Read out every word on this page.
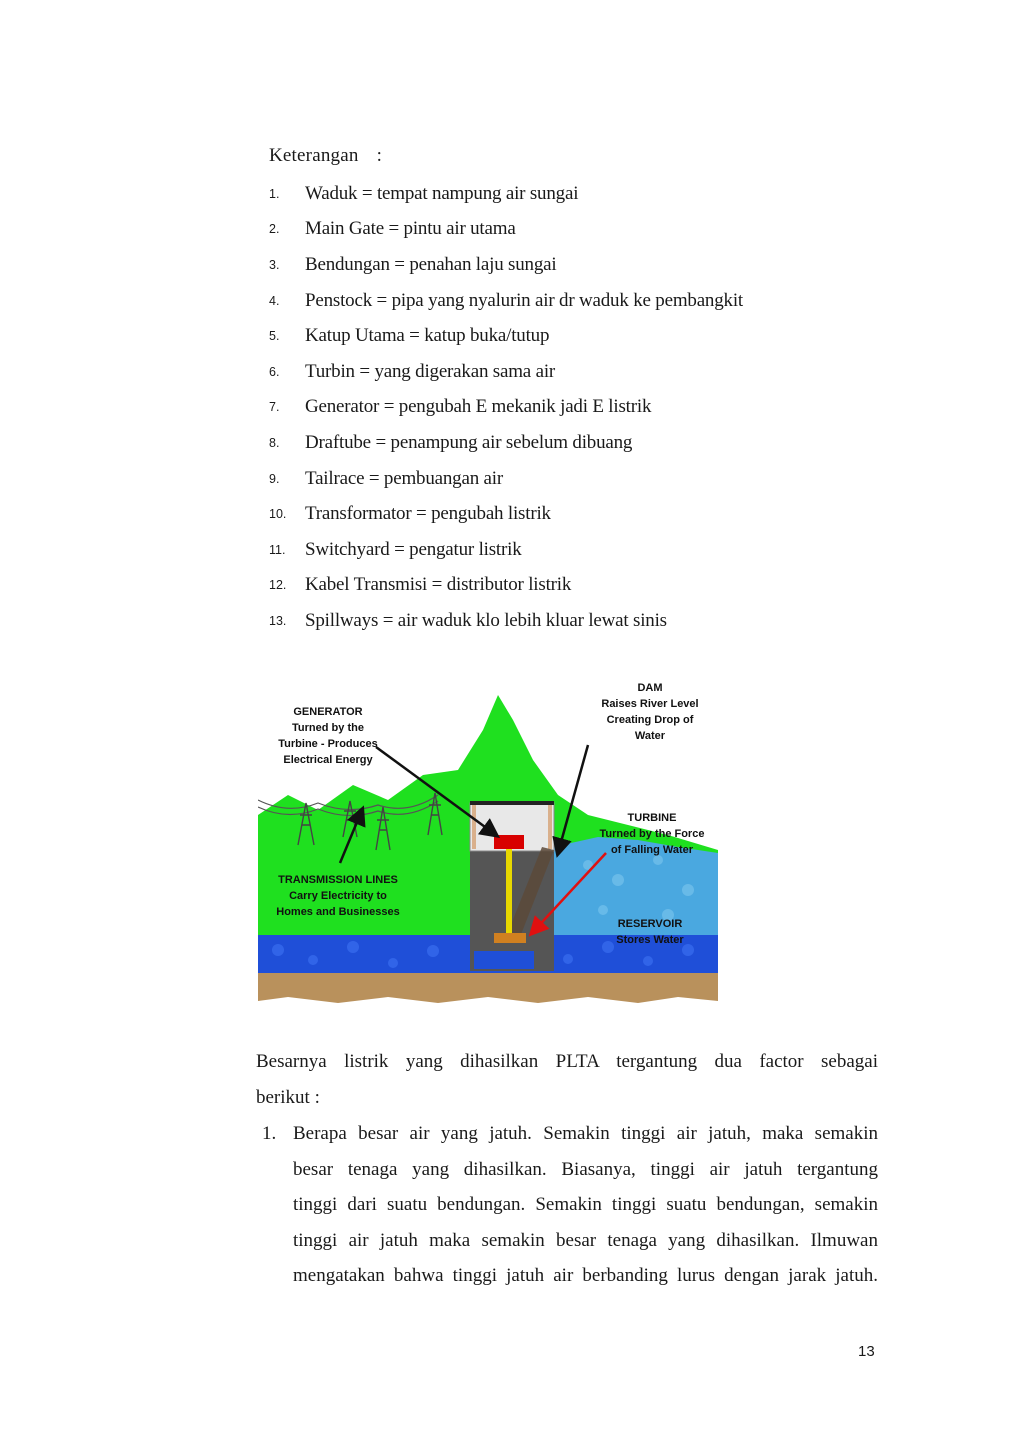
Keterangan :
1.	Waduk = tempat nampung air sungai
2.	Main Gate = pintu air utama
3.	Bendungan = penahan laju sungai
4.	Penstock = pipa yang nyalurin air dr waduk ke pembangkit
5.	Katup Utama = katup buka/tutup
6.	Turbin = yang digerakan sama air
7.	Generator = pengubah E mekanik jadi E listrik
8.	Draftube = penampung air sebelum dibuang
9.	Tailrace = pembuangan air
10. Transformator = pengubah listrik
11.	Switchyard = pengatur listrik
12. Kabel Transmisi = distributor listrik
13. Spillways = air waduk klo lebih kluar lewat sinis
GENERATOR
Turned by the
Turbine - Produces
Electrical Energy
DAM
Raises River Level
Creating Drop of
Water
TURBINE
Turned by the Force
of Falling Water
TRANSMISSION LINES
Carry Electricity to
Homes and Businesses
RESERVOIR
Stores Water
Besarnya listrik yang dihasilkan PLTA tergantung dua factor sebagai
berikut :
1. Berapa besar air yang jatuh. Semakin tinggi air jatuh, maka semakin
besar tenaga yang dihasilkan. Biasanya, tinggi air jatuh tergantung
tinggi dari suatu bendungan. Semakin tinggi suatu bendungan, semakin
tinggi air jatuh maka semakin besar tenaga yang dihasilkan. Ilmuwan
mengatakan bahwa tinggi jatuh air berbanding lurus dengan jarak jatuh.
13
